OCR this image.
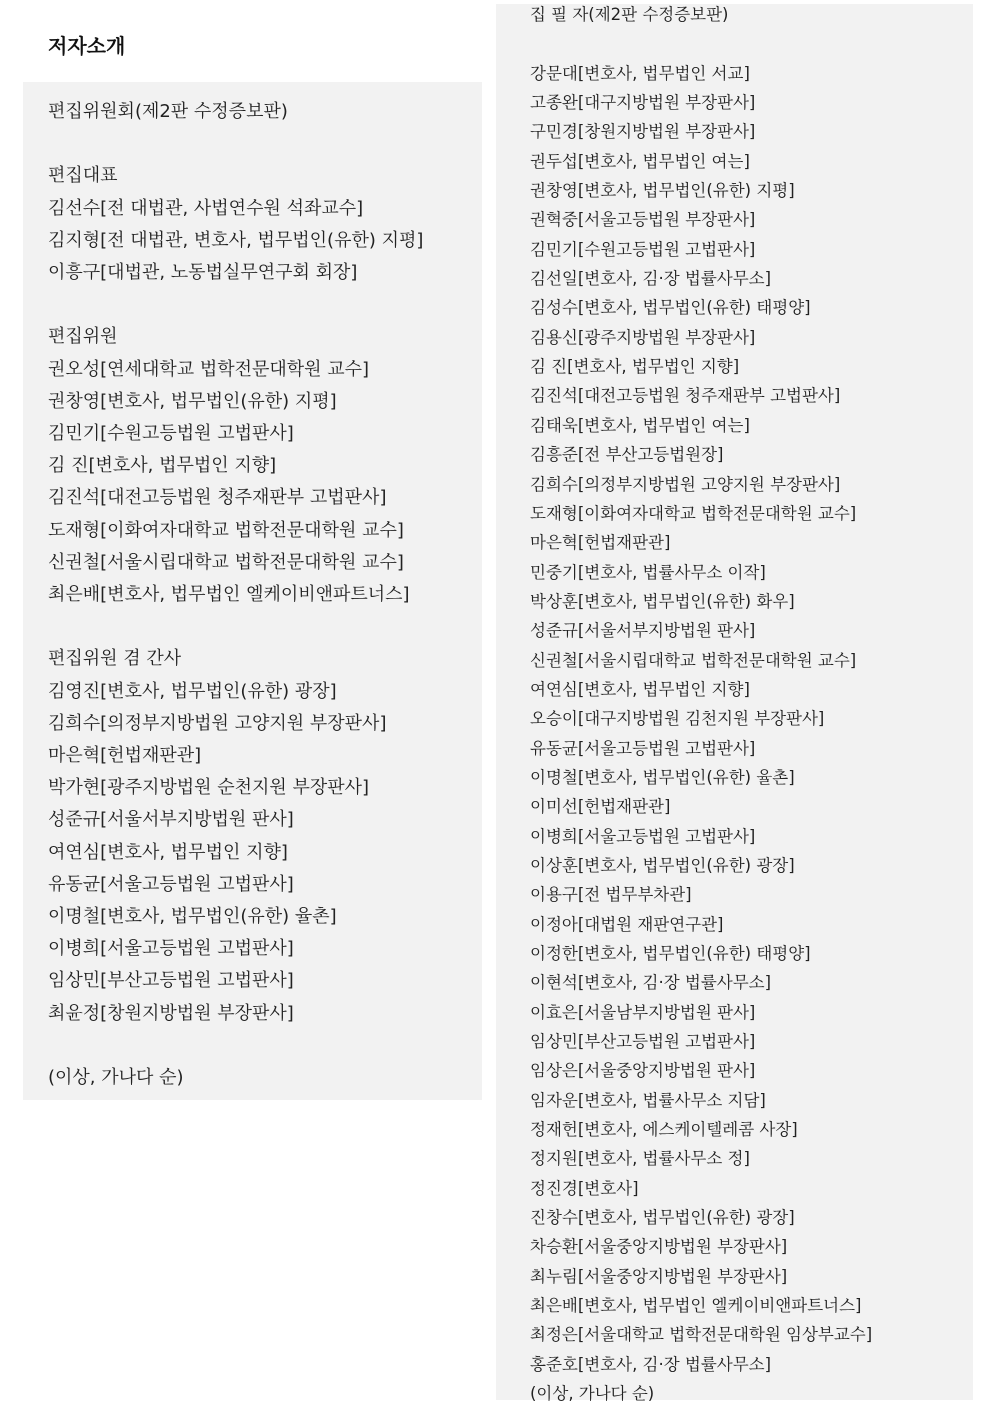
저자소개
편집위원회(제2판 수정증보판)
편집대표
김선수[전 대법관, 사법연수원 석좌교수]
김지형[전 대법관, 변호사, 법무법인(유한) 지평]
이흥구[대법관, 노동법실무연구회 회장]
편집위원
권오성[연세대학교 법학전문대학원 교수]
권창영[변호사, 법무법인(유한) 지평]
김민기[수원고등법원 고법판사]
김 진[변호사, 법무법인 지향]
김진석[대전고등법원 청주재판부 고법판사]
도재형[이화여자대학교 법학전문대학원 교수]
신권철[서울시립대학교 법학전문대학원 교수]
최은배[변호사, 법무법인 엘케이비앤파트너스]
편집위원 겸 간사
김영진[변호사, 법무법인(유한) 광장]
김희수[의정부지방법원 고양지원 부장판사]
마은혁[헌법재판관]
박가현[광주지방법원 순천지원 부장판사]
성준규[서울서부지방법원 판사]
여연심[변호사, 법무법인 지향]
유동균[서울고등법원 고법판사]
이명철[변호사, 법무법인(유한) 율촌]
이병희[서울고등법원 고법판사]
임상민[부산고등법원 고법판사]
최윤정[창원지방법원 부장판사]
(이상, 가나다 순)
집 필 자(제2판 수정증보판)
강문대[변호사, 법무법인 서교]
고종완[대구지방법원 부장판사]
구민경[창원지방법원 부장판사]
권두섭[변호사, 법무법인 여는]
권창영[변호사, 법무법인(유한) 지평]
권혁중[서울고등법원 부장판사]
김민기[수원고등법원 고법판사]
김선일[변호사, 김·장 법률사무소]
김성수[변호사, 법무법인(유한) 태평양]
김용신[광주지방법원 부장판사]
김 진[변호사, 법무법인 지향]
김진석[대전고등법원 청주재판부 고법판사]
김태욱[변호사, 법무법인 여는]
김흥준[전 부산고등법원장]
김희수[의정부지방법원 고양지원 부장판사]
도재형[이화여자대학교 법학전문대학원 교수]
마은혁[헌법재판관]
민중기[변호사, 법률사무소 이작]
박상훈[변호사, 법무법인(유한) 화우]
성준규[서울서부지방법원 판사]
신권철[서울시립대학교 법학전문대학원 교수]
여연심[변호사, 법무법인 지향]
오승이[대구지방법원 김천지원 부장판사]
유동균[서울고등법원 고법판사]
이명철[변호사, 법무법인(유한) 율촌]
이미선[헌법재판관]
이병희[서울고등법원 고법판사]
이상훈[변호사, 법무법인(유한) 광장]
이용구[전 법무부차관]
이정아[대법원 재판연구관]
이정한[변호사, 법무법인(유한) 태평양]
이현석[변호사, 김·장 법률사무소]
이효은[서울남부지방법원 판사]
임상민[부산고등법원 고법판사]
임상은[서울중앙지방법원 판사]
임자운[변호사, 법률사무소 지담]
정재헌[변호사, 에스케이텔레콤 사장]
정지원[변호사, 법률사무소 정]
정진경[변호사]
진창수[변호사, 법무법인(유한) 광장]
차승환[서울중앙지방법원 부장판사]
최누림[서울중앙지방법원 부장판사]
최은배[변호사, 법무법인 엘케이비앤파트너스]
최정은[서울대학교 법학전문대학원 임상부교수]
홍준호[변호사, 김·장 법률사무소]
(이상, 가나다 순)
